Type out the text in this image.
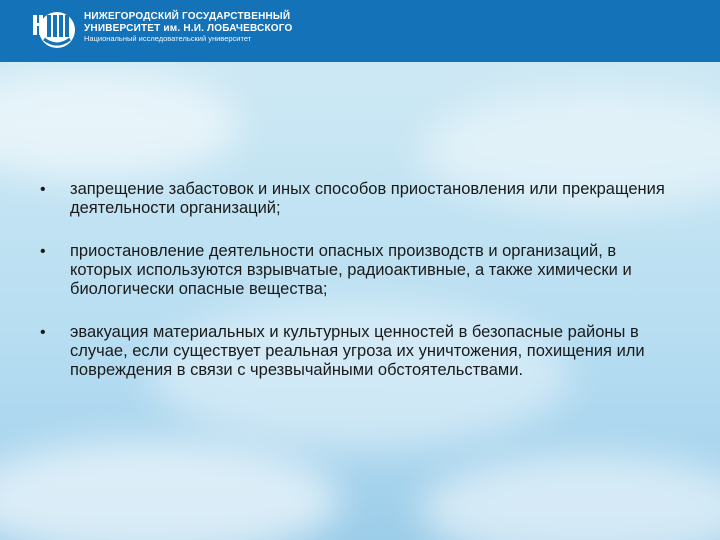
НИЖЕГОРОДСКИЙ ГОСУДАРСТВЕННЫЙ
УНИВЕРСИТЕТ им. Н.И. ЛОБАЧЕВСКОГО
Национальный исследовательский университет
• запрещение забастовок и иных способов приостановления или прекращения деятельности организаций;
• приостановление деятельности опасных производств и организаций, в которых используются взрывчатые, радиоактивные, а также химически и биологически опасные вещества;
• эвакуация материальных и культурных ценностей в безопасные районы в случае, если существует реальная угроза их уничтожения, похищения или повреждения в связи с чрезвычайными обстоятельствами.
